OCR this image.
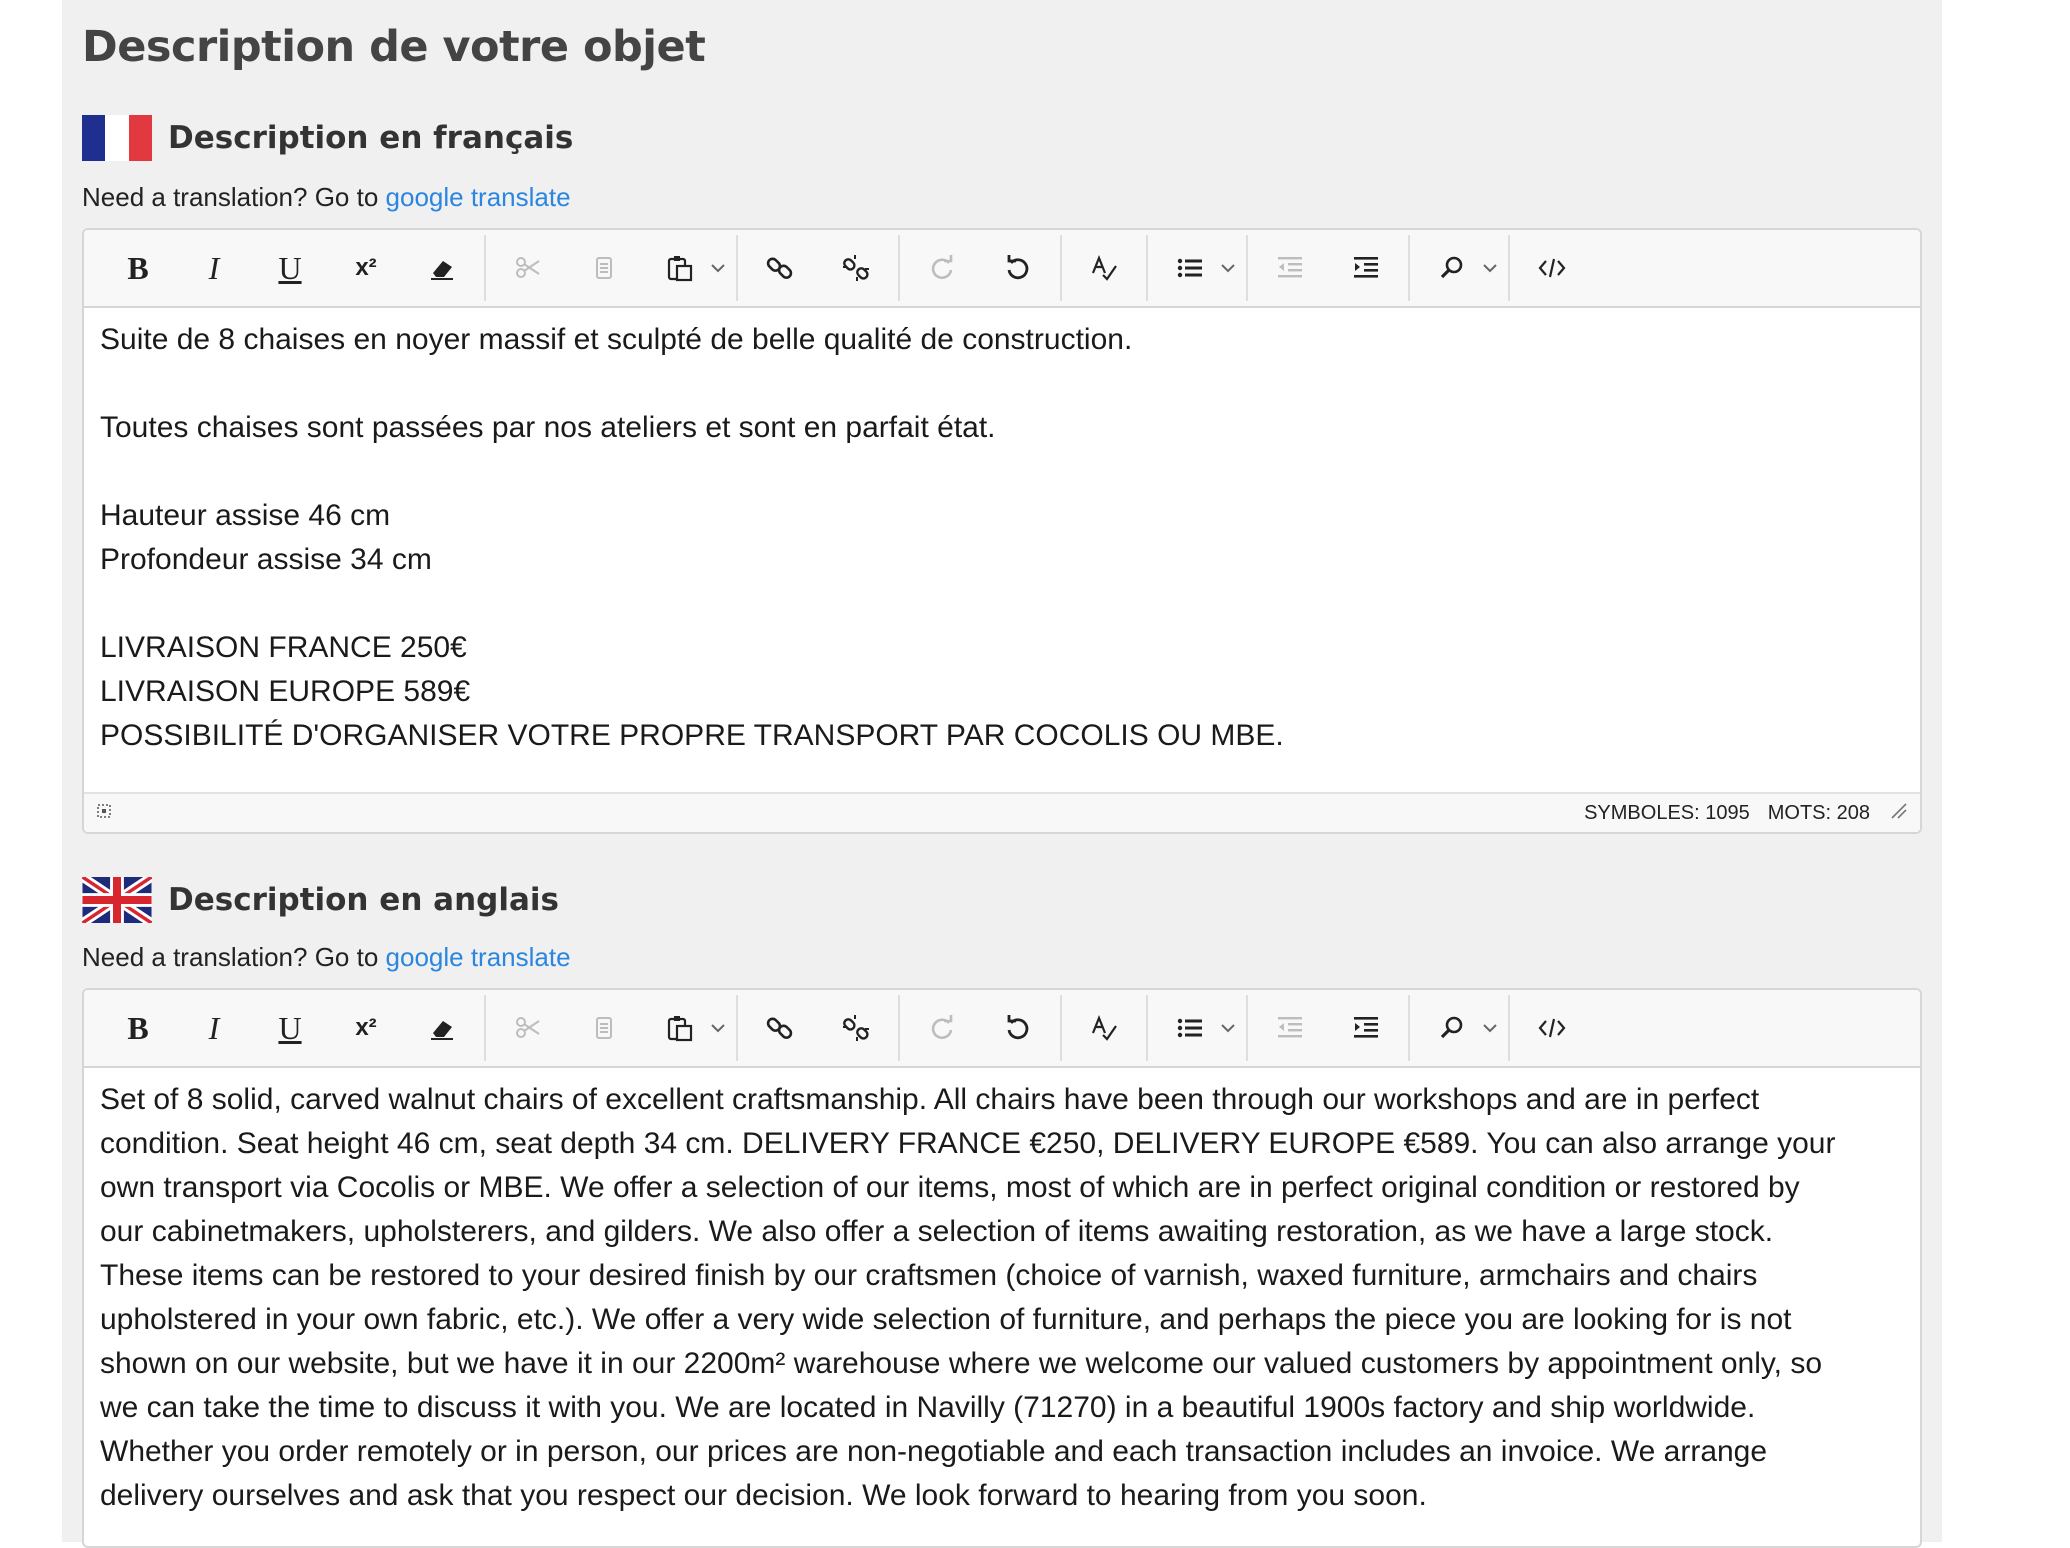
Description de votre objet
Description en français
Need a translation? Go to google translate
B I U x²
Suite de 8 chaises en noyer massif et sculpté de belle qualité de construction.
Toutes chaises sont passées par nos ateliers et sont en parfait état.
Hauteur assise 46 cm
Profondeur assise 34 cm
LIVRAISON FRANCE 250€
LIVRAISON EUROPE 589€
POSSIBILITÉ D'ORGANISER VOTRE PROPRE TRANSPORT PAR COCOLIS OU MBE.
SYMBOLES: 1095 MOTS: 208
Description en anglais
Need a translation? Go to google translate
B I U x²
Set of 8 solid, carved walnut chairs of excellent craftsmanship. All chairs have been through our workshops and are in perfect
condition. Seat height 46 cm, seat depth 34 cm. DELIVERY FRANCE €250, DELIVERY EUROPE €589. You can also arrange your
own transport via Cocolis or MBE. We offer a selection of our items, most of which are in perfect original condition or restored by
our cabinetmakers, upholsterers, and gilders. We also offer a selection of items awaiting restoration, as we have a large stock.
These items can be restored to your desired finish by our craftsmen (choice of varnish, waxed furniture, armchairs and chairs
upholstered in your own fabric, etc.). We offer a very wide selection of furniture, and perhaps the piece you are looking for is not
shown on our website, but we have it in our 2200m² warehouse where we welcome our valued customers by appointment only, so
we can take the time to discuss it with you. We are located in Navilly (71270) in a beautiful 1900s factory and ship worldwide.
Whether you order remotely or in person, our prices are non-negotiable and each transaction includes an invoice. We arrange
delivery ourselves and ask that you respect our decision. We look forward to hearing from you soon.
